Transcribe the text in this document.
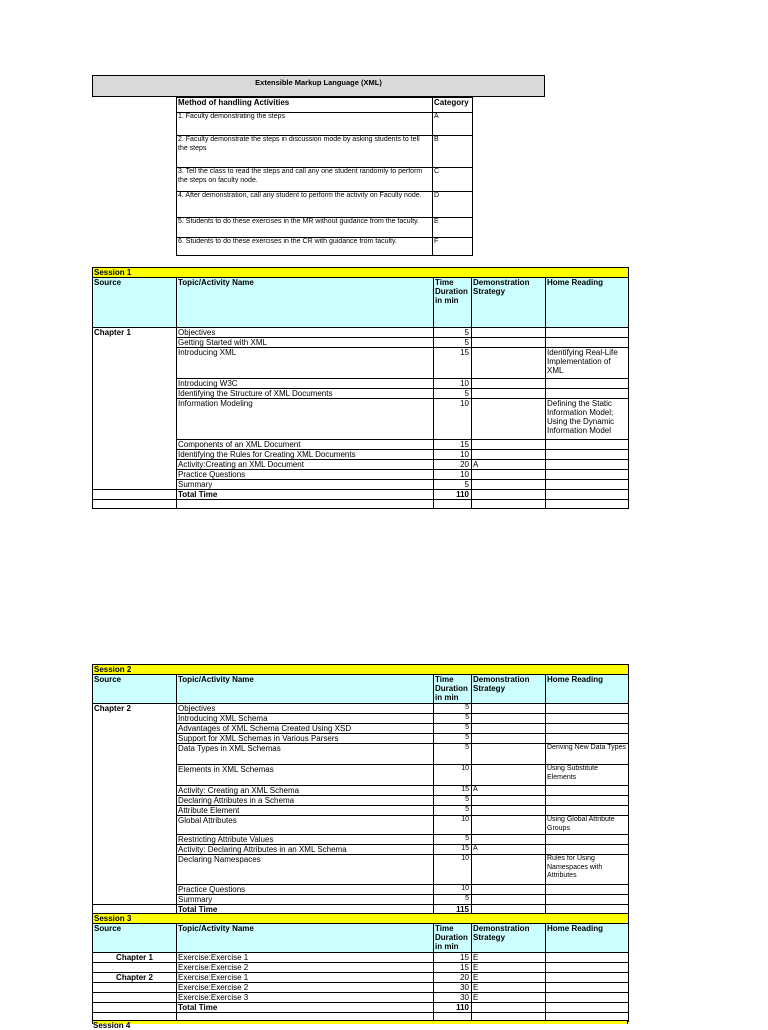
Extensible Markup Language (XML)
Method of handling Activities	Category
1. Faculty demonstrating the steps	A
2. Faculty demonstrate the steps in discussion mode by asking students to tell the steps	B
3. Tell the class to read the steps and call any one student randomly to perform the steps on faculty node.	C
4. After demonstration, call any student to perform the activity on Faculty node.	D
5. Students to do these exercises in the MR without guidance from the faculty.	E
6. Students to do these exercises in the CR with guidance from faculty.	F
Session 1				
Source	Topic/Activity Name	Time Duration in min	Demonstration Strategy	Home Reading
Chapter 1	Objectives	5		
	Getting Started with XML	5		
	Introducing XML	15		Identifying Real-Life Implementation of XML
	Introducing W3C	10		
	Identifying the Structure of XML Documents	5		
	Information Modeling	10		Defining the Static Information Model; Using the Dynamic Information Model
	Components of an XML Document	15		
	Identifying the Rules for Creating XML Documents	10		
	Activity:Creating an XML Document	20	A	
	Practice Questions	10		
	Summary	5		
	Total Time	110		

Session 2				
Source	Topic/Activity Name	Time Duration in min	Demonstration Strategy	Home Reading
Chapter 2	Objectives	5		
	Introducing XML Schema	5		
	Advantages of XML Schema Created Using XSD	5		
	Support for XML Schemas in Various Parsers	5		
	Data Types in XML Schemas	5		Deriving New Data Types
	Elements in XML Schemas	10		Using Substitute Elements
	Activity: Creating an XML Schema	15	A	
	Declaring Attributes in a Schema	5		
	Attribute Element	5		
	Global Attributes	10		Using Global Attribute Groups
	Restricting Attribute Values	5		
	Activity: Declaring Attributes in an XML Schema	15	A	
	Declaring Namespaces	10		Rules for Using Namespaces with Attributes
	Practice Questions	10		
	Summary	5		
	Total Time	115		

Session 3				
Source	Topic/Activity Name	Time Duration in min	Demonstration Strategy	Home Reading
Chapter 1	Exercise:Exercise 1	15	E	
	Exercise:Exercise 2	15	E	
Chapter 2	Exercise:Exercise 1	20	E	
	Exercise:Exercise 2	30	E	
	Exercise:Exercise 3	30	E	
	Total Time	110		

Session 4
